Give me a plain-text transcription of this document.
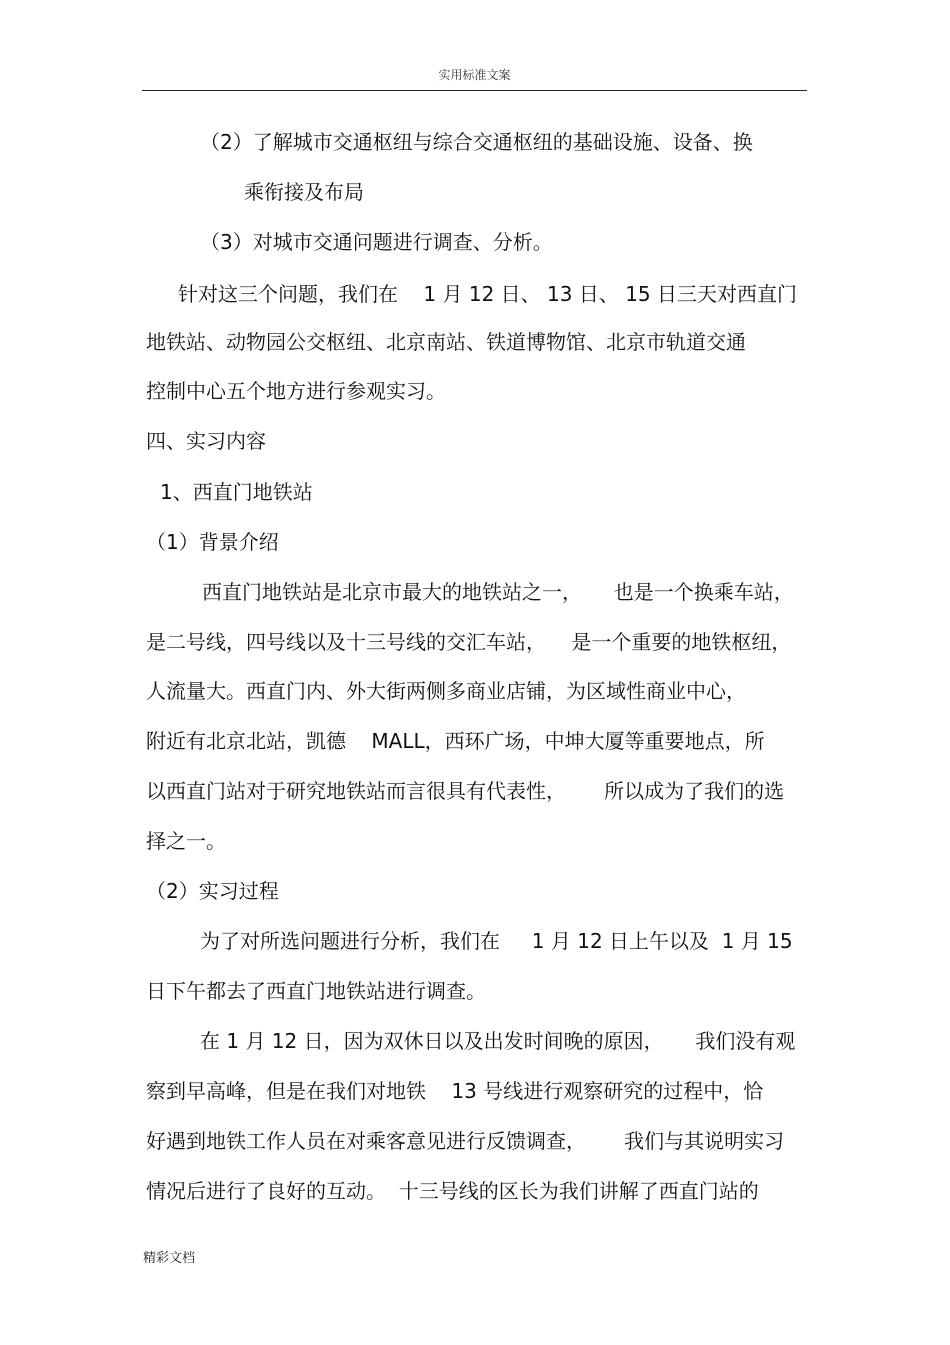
实用标准文案
（2）了解城市交通枢纽与综合交通枢纽的基础设施、设备、换
乘衔接及布局
（3）对城市交通问题进行调查、分析。
针对这三个问题，我们在    1 月 12 日、 13 日、 15 日三天对西直门
地铁站、动物园公交枢纽、北京南站、铁道博物馆、北京市轨道交通
控制中心五个地方进行参观实习。
四、实习内容
1、西直门地铁站
（1）背景介绍
西直门地铁站是北京市最大的地铁站之一，     也是一个换乘车站，
是二号线，四号线以及十三号线的交汇车站，    是一个重要的地铁枢纽，
人流量大。西直门内、外大街两侧多商业店铺，为区域性商业中心，
附近有北京北站，凯德    MALL，西环广场，中坤大厦等重要地点，所
以西直门站对于研究地铁站而言很具有代表性，      所以成为了我们的选
择之一。
（2）实习过程
为了对所选问题进行分析，我们在     1 月 12 日上午以及  1 月 15
日下午都去了西直门地铁站进行调查。
在 1 月 12 日，因为双休日以及出发时间晚的原因，     我们没有观
察到早高峰，但是在我们对地铁    13 号线进行观察研究的过程中，恰
好遇到地铁工作人员在对乘客意见进行反馈调查，      我们与其说明实习
情况后进行了良好的互动。  十三号线的区长为我们讲解了西直门站的
精彩文档
